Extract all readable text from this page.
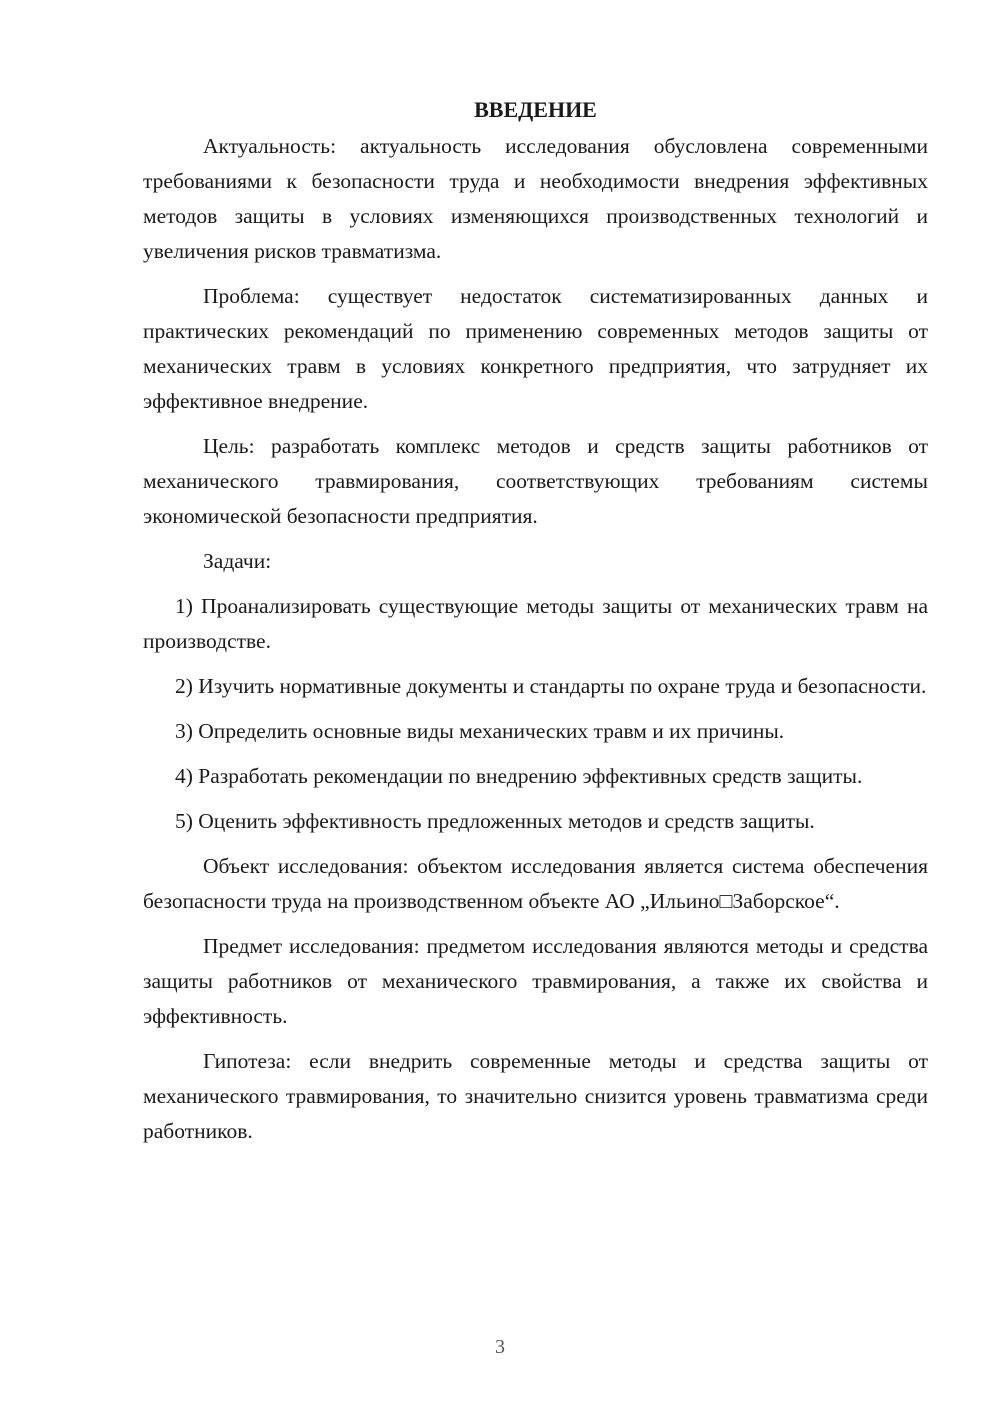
ВВЕДЕНИЕ

Актуальность: актуальность исследования обусловлена современными требованиями к безопасности труда и необходимости внедрения эффективных методов защиты в условиях изменяющихся производственных технологий и увеличения рисков травматизма.

Проблема: существует недостаток систематизированных данных и практических рекомендаций по применению современных методов защиты от механических травм в условиях конкретного предприятия, что затрудняет их эффективное внедрение.

Цель: разработать комплекс методов и средств защиты работников от механического травмирования, соответствующих требованиям системы экономической безопасности предприятия.

Задачи:

1) Проанализировать существующие методы защиты от механических травм на производстве.

2) Изучить нормативные документы и стандарты по охране труда и безопасности.

3) Определить основные виды механических травм и их причины.

4) Разработать рекомендации по внедрению эффективных средств защиты.

5) Оценить эффективность предложенных методов и средств защиты.

Объект исследования: объектом исследования является система обеспечения безопасности труда на производственном объекте АО „Ильино□Заборское“.

Предмет исследования: предметом исследования являются методы и средства защиты работников от механического травмирования, а также их свойства и эффективность.

Гипотеза: если внедрить современные методы и средства защиты от механического травмирования, то значительно снизится уровень травматизма среди работников.

3
